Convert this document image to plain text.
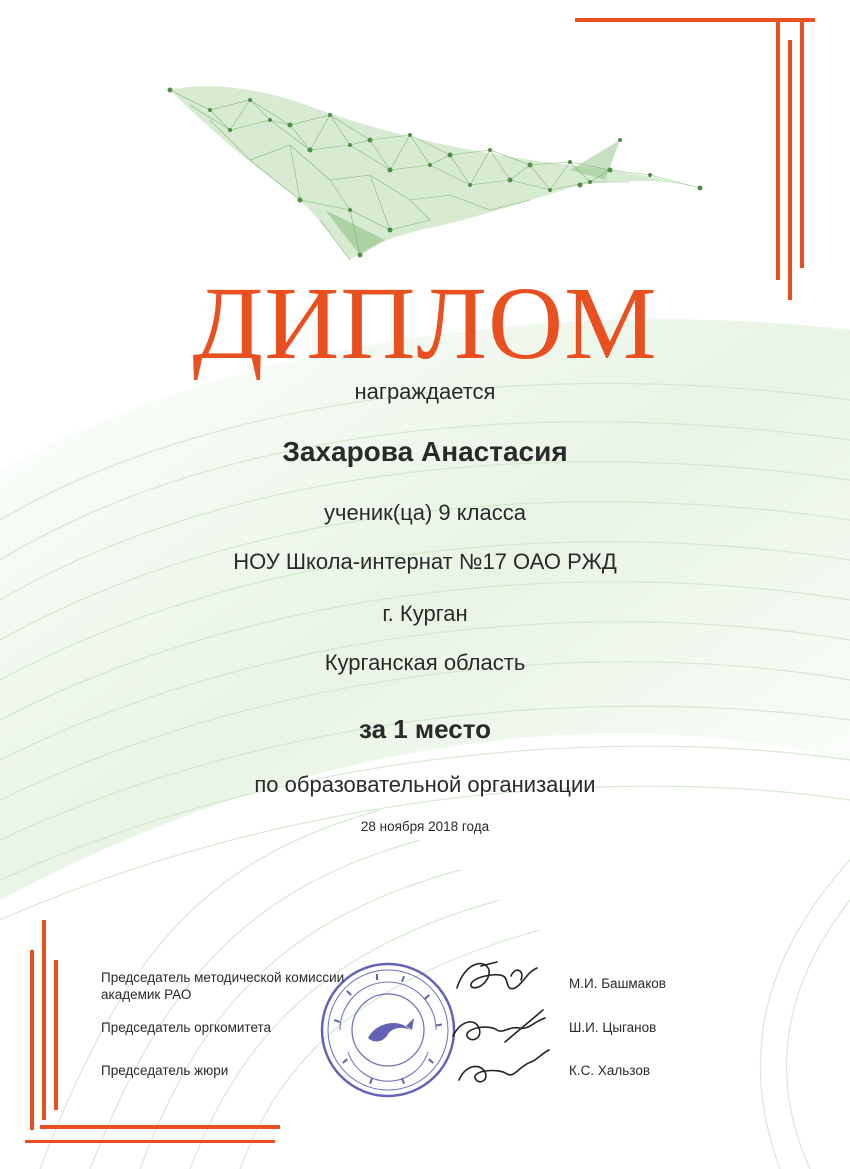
ДИПЛОМ
награждается
Захарова Анастасия
ученик(ца) 9 класса
НОУ Школа-интернат №17 ОАО РЖД
г. Курган
Курганская область
за 1 место
по образовательной организации
28 ноября 2018 года
Председатель методической комиссии
академик РАО
М.И. Башмаков
Председатель оргкомитета	Ш.И. Цыганов
Председатель жюри	К.С. Хальзов
